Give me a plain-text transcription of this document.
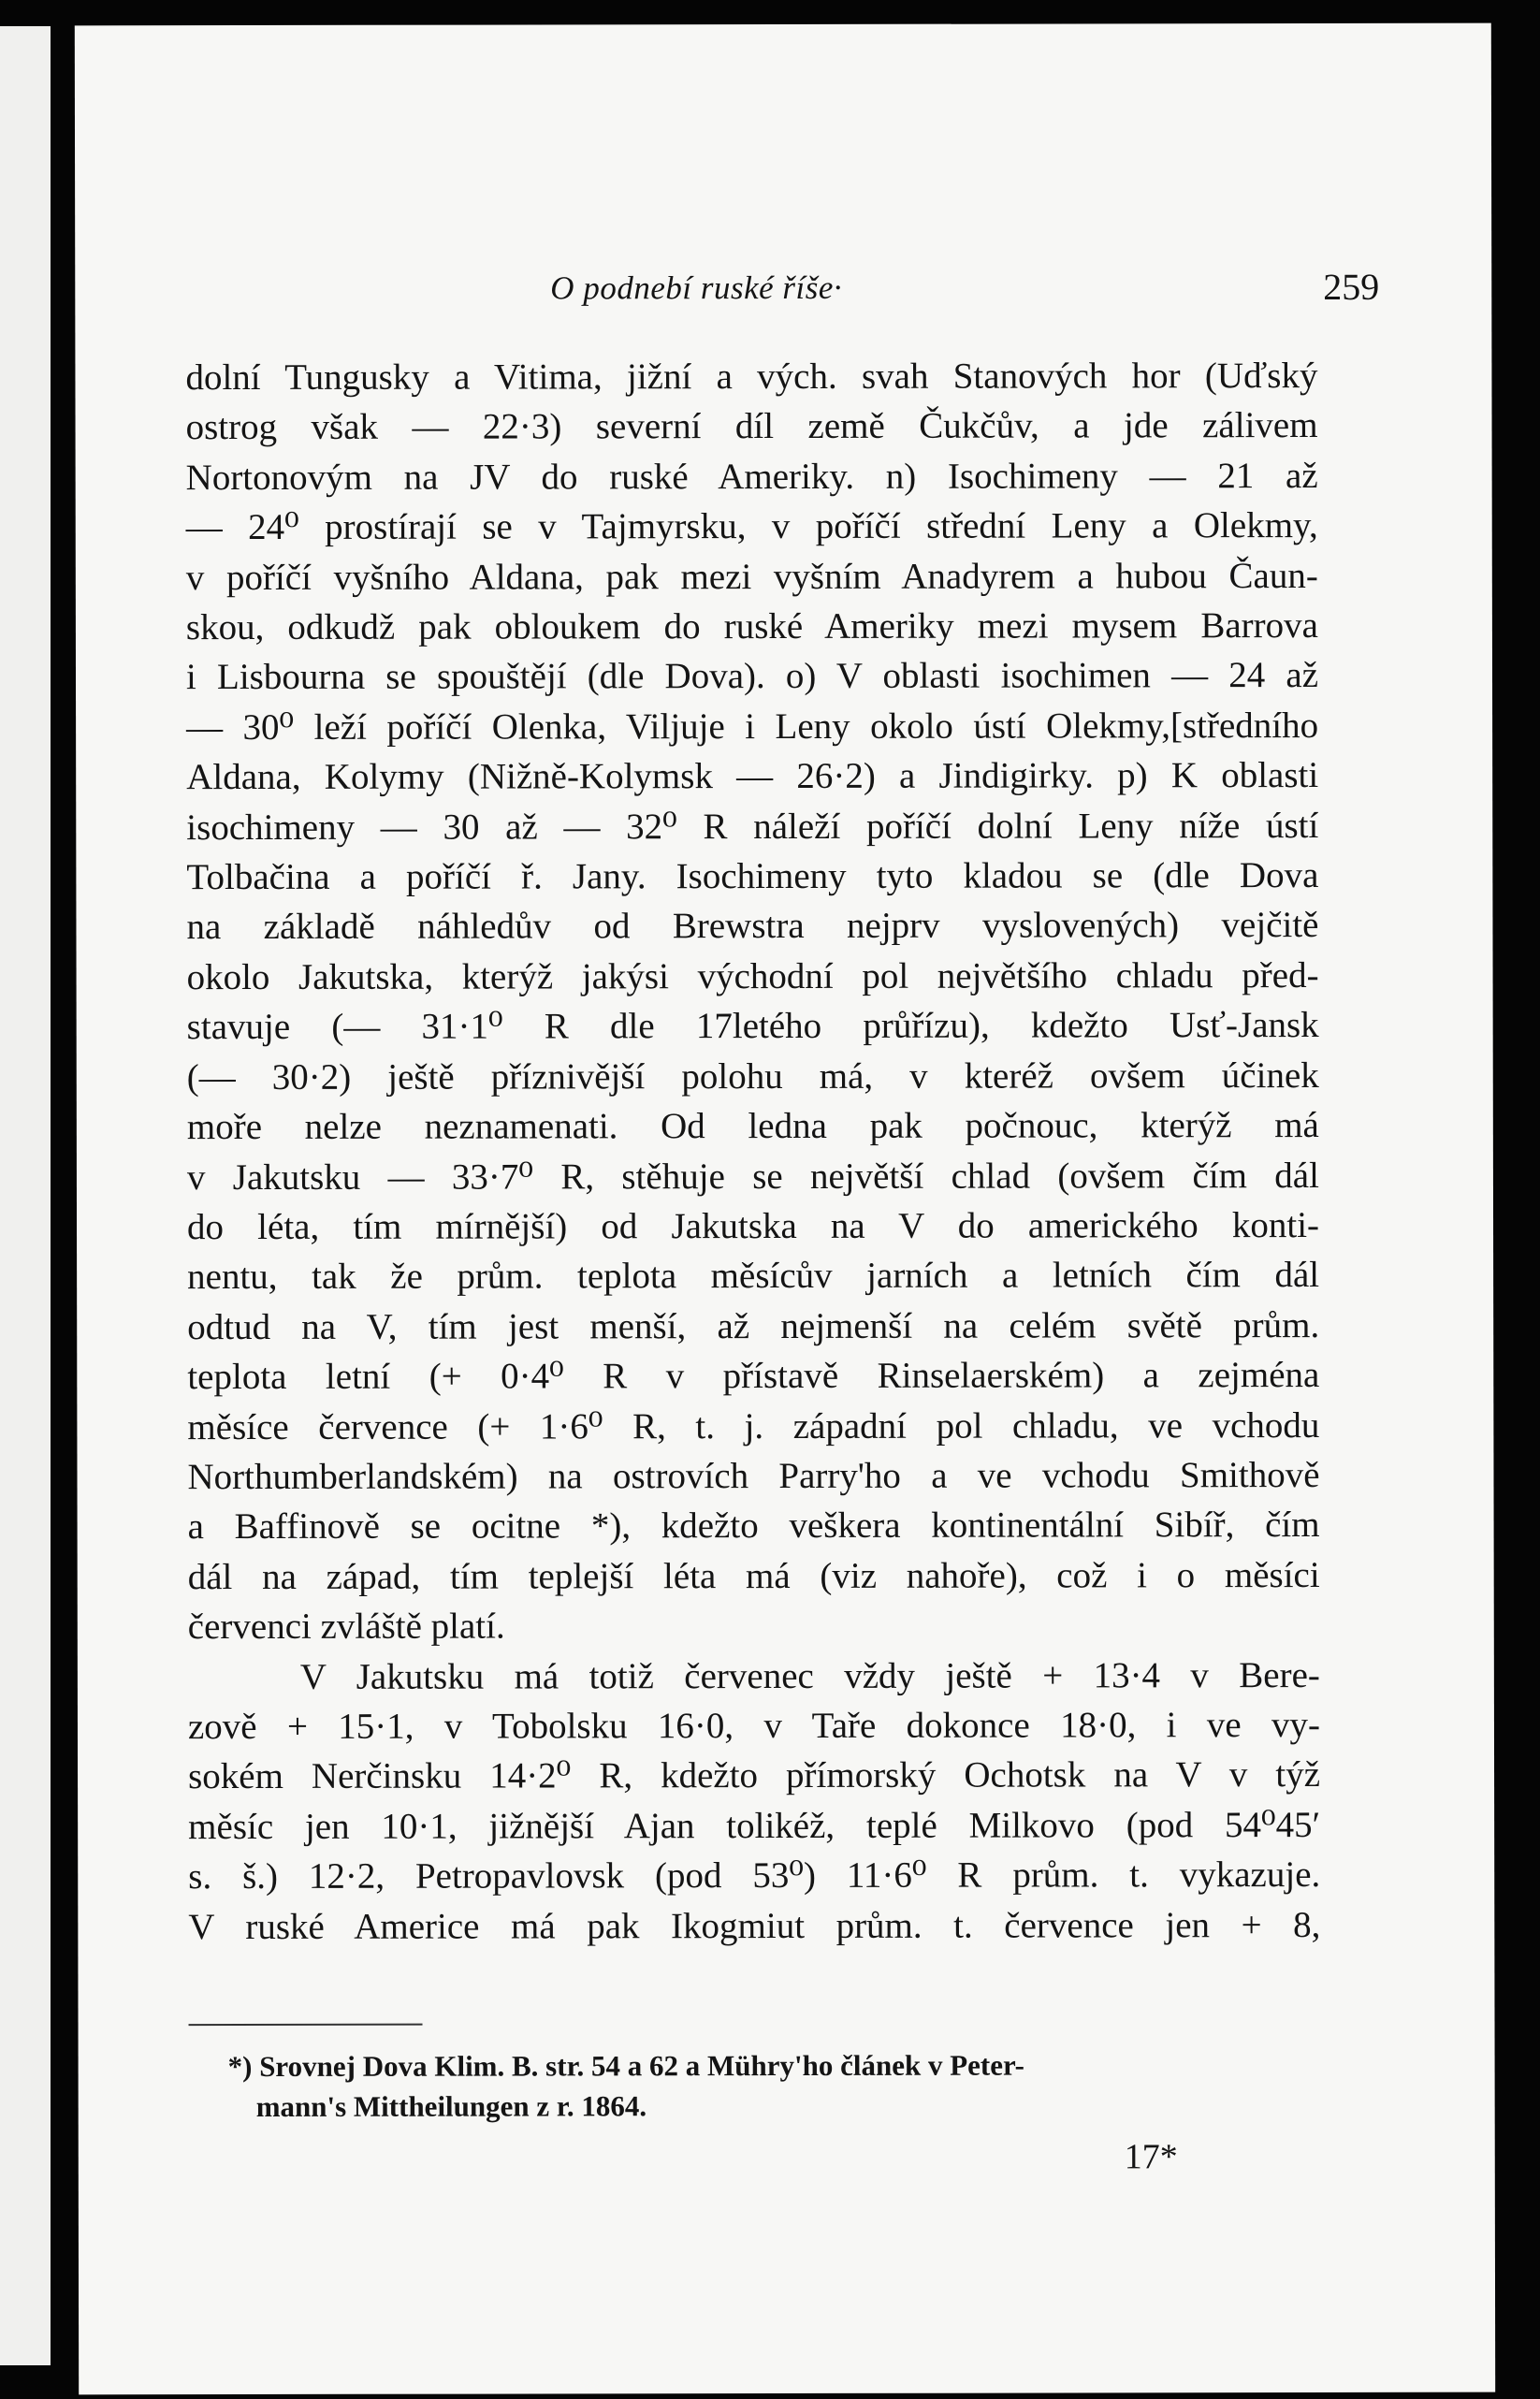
O podnebí ruské říše·	259
dolní Tungusky a Vitima, jižní a vých. svah Stanových hor (Uďský
ostrog však — 22·3) severní díl země Čukčův, a jde zálivem
Nortonovým na JV do ruské Ameriky. n) Isochimeny — 21 až
— 24⁰ prostírají se v Tajmyrsku, v poříčí střední Leny a Olekmy,
v poříčí vyšního Aldana, pak mezi vyšním Anadyrem a hubou Čaun-
skou, odkudž pak obloukem do ruské Ameriky mezi mysem Barrova
i Lisbourna se spouštějí (dle Dova). o) V oblasti isochimen — 24 až
— 30⁰ leží poříčí Olenka, Viljuje i Leny okolo ústí Olekmy,[středního
Aldana, Kolymy (Nižně-Kolymsk — 26·2) a Jindigirky. p) K oblasti
isochimeny — 30 až — 32⁰ R náleží poříčí dolní Leny níže ústí
Tolbačina a poříčí ř. Jany. Isochimeny tyto kladou se (dle Dova
na základě náhledův od Brewstra nejprv vyslovených) vejčitě
okolo Jakutska, kterýž jakýsi východní pol největšího chladu před-
stavuje (— 31·1⁰ R dle 17letého průřízu), kdežto Usť-Jansk
(— 30·2) ještě příznivější polohu má, v kteréž ovšem účinek
moře nelze neznamenati. Od ledna pak počnouc, kterýž má
v Jakutsku — 33·7⁰ R, stěhuje se největší chlad (ovšem čím dál
do léta, tím mírnější) od Jakutska na V do amerického konti-
nentu, tak že prům. teplota měsícův jarních a letních čím dál
odtud na V, tím jest menší, až nejmenší na celém světě prům.
teplota letní (+ 0·4⁰ R v přístavě Rinselaerském) a zejména
měsíce července (+ 1·6⁰ R, t. j. západní pol chladu, ve vchodu
Northumberlandském) na ostrovích Parry'ho a ve vchodu Smithově
a Baffinově se ocitne *), kdežto veškera kontinentální Sibíř, čím
dál na západ, tím teplejší léta má (viz nahoře), což i o měsíci
červenci zvláště platí.
V Jakutsku má totiž červenec vždy ještě + 13·4 v Bere-
zově + 15·1, v Tobolsku 16·0, v Taře dokonce 18·0, i ve vy-
sokém Nerčinsku 14·2⁰ R, kdežto přímorský Ochotsk na V v týž
měsíc jen 10·1, jižnější Ajan tolikéž, teplé Milkovo (pod 54⁰45′
s. š.) 12·2, Petropavlovsk (pod 53⁰) 11·6⁰ R prům. t. vykazuje.
V ruské Americe má pak Ikogmiut prům. t. července jen + 8,
*) Srovnej Dova Klim. B. str. 54 a 62 a Mühry'ho článek v Peter-
mann's Mittheilungen z r. 1864.
17*
